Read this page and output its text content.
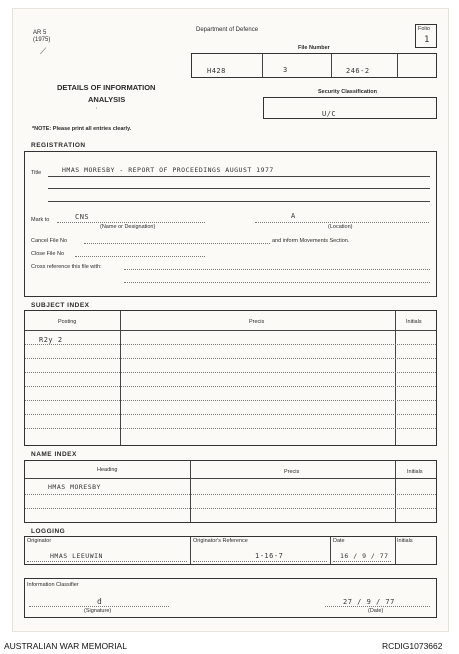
AR 5
(1975)
⟋
Department of Defence	Folio
1
File Number
H428	3	246-2
DETAILS OF INFORMATION
ANALYSIS
Security Classification
U/C
'
*NOTE: Please print all entries clearly.
REGISTRATION
Title	HMAS MORESBY - REPORT OF PROCEEDINGS AUGUST 1977
Mark to	CNS
(Name or Designation)
A
(Location)
Cancel File No	and inform Movements Section.
Close File No
Cross reference this file with:
SUBJECT INDEX
Posting	Precis	Initials
R2y 2
NAME INDEX
Heading	Precis	Initials
HMAS MORESBY
LOGGING
Originator
HMAS LEEUWIN
Originator's Reference
1-16-7
Date
16 / 9 / 77
Initials
Information Classifier
d
(Signature)
27 / 9 / 77
(Date)
AUSTRALIAN WAR MEMORIAL	RCDIG1073662
